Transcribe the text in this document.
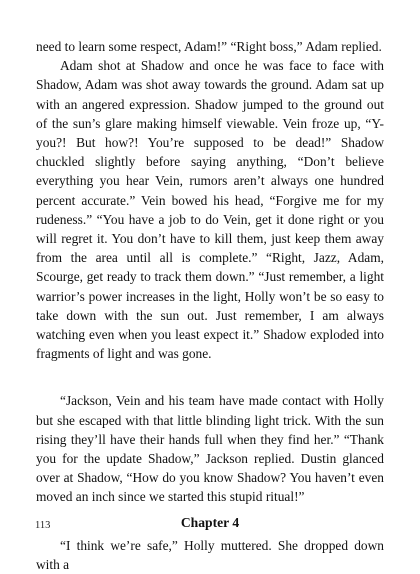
need to learn some respect, Adam!” “Right boss,” Adam replied.

Adam shot at Shadow and once he was face to face with Shadow, Adam was shot away towards the ground. Adam sat up with an angered expression. Shadow jumped to the ground out of the sun’s glare making himself viewable. Vein froze up, “Y-you?! But how?! You’re supposed to be dead!” Shadow chuckled slightly before saying anything, “Don’t believe everything you hear Vein, rumors aren’t always one hundred percent accurate.” Vein bowed his head, “Forgive me for my rudeness.” “You have a job to do Vein, get it done right or you will regret it. You don’t have to kill them, just keep them away from the area until all is complete.” “Right, Jazz, Adam, Scourge, get ready to track them down.” “Just remember, a light warrior’s power increases in the light, Holly won’t be so easy to take down with the sun out. Just remember, I am always watching even when you least expect it.” Shadow exploded into fragments of light and was gone.

“Jackson, Vein and his team have made contact with Holly but she escaped with that little blinding light trick. With the sun rising they’ll have their hands full when they find her.” “Thank you for the update Shadow,” Jackson replied. Dustin glanced over at Shadow, “How do you know Shadow? You haven’t even moved an inch since we started this stupid ritual!”

Chapter 4

“I think we’re safe,” Holly muttered. She dropped down with a

113
